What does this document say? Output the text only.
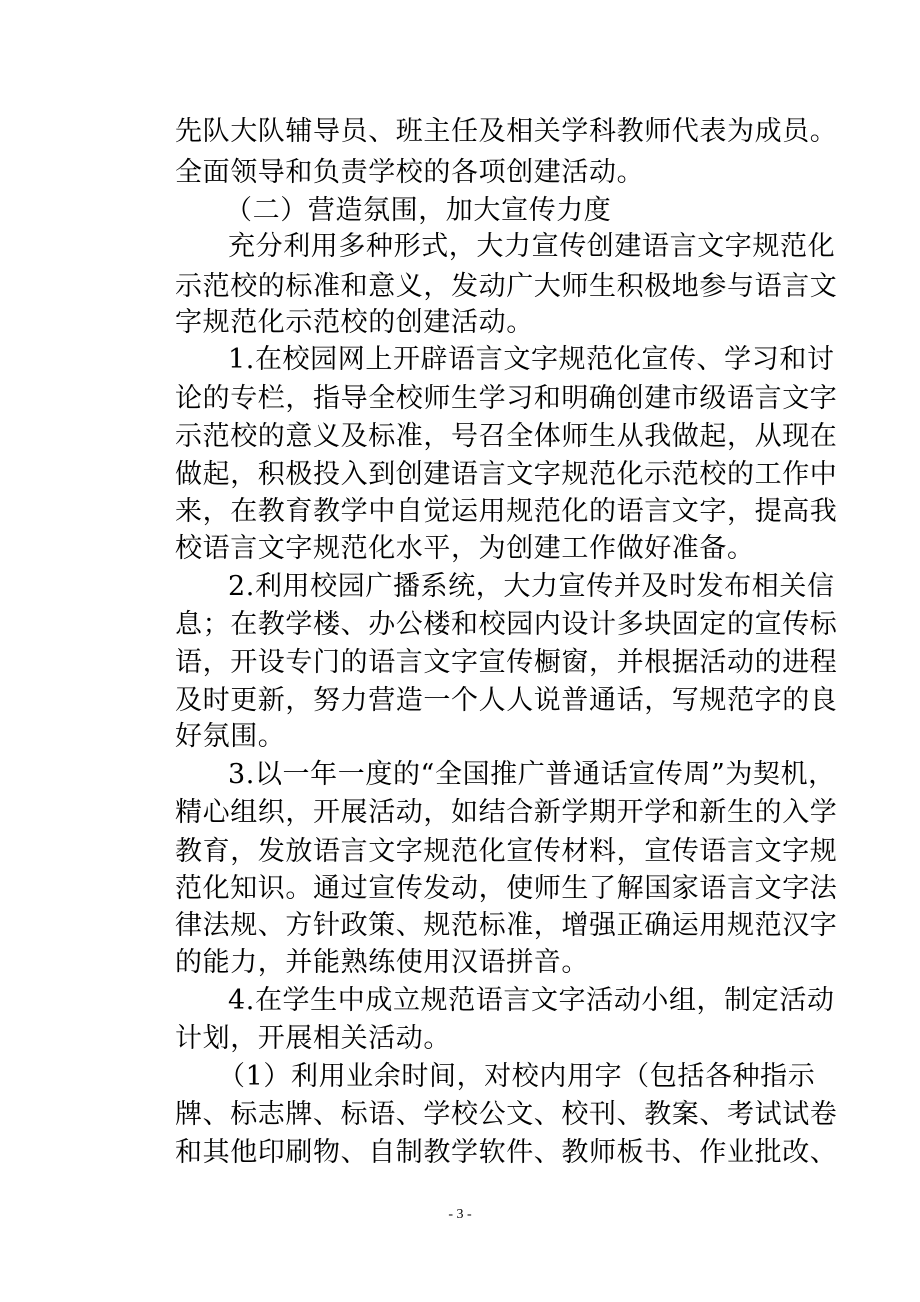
先队大队辅导员、班主任及相关学科教师代表为成员。
全面领导和负责学校的各项创建活动。
（二）营造氛围，加大宣传力度
充分利用多种形式，大力宣传创建语言文字规范化
示范校的标准和意义，发动广大师生积极地参与语言文
字规范化示范校的创建活动。
1.在校园网上开辟语言文字规范化宣传、学习和讨
论的专栏，指导全校师生学习和明确创建市级语言文字
示范校的意义及标准，号召全体师生从我做起，从现在
做起，积极投入到创建语言文字规范化示范校的工作中
来，在教育教学中自觉运用规范化的语言文字，提高我
校语言文字规范化水平，为创建工作做好准备。
2.利用校园广播系统，大力宣传并及时发布相关信
息；在教学楼、办公楼和校园内设计多块固定的宣传标
语，开设专门的语言文字宣传橱窗，并根据活动的进程
及时更新，努力营造一个人人说普通话，写规范字的良
好氛围。
3.以一年一度的“全国推广普通话宣传周”为契机，
精心组织，开展活动，如结合新学期开学和新生的入学
教育，发放语言文字规范化宣传材料，宣传语言文字规
范化知识。通过宣传发动，使师生了解国家语言文字法
律法规、方针政策、规范标准，增强正确运用规范汉字
的能力，并能熟练使用汉语拼音。
4.在学生中成立规范语言文字活动小组，制定活动
计划，开展相关活动。
（1）利用业余时间，对校内用字（包括各种指示
牌、标志牌、标语、学校公文、校刊、教案、考试试卷
和其他印刷物、自制教学软件、教师板书、作业批改、
- 3 -
